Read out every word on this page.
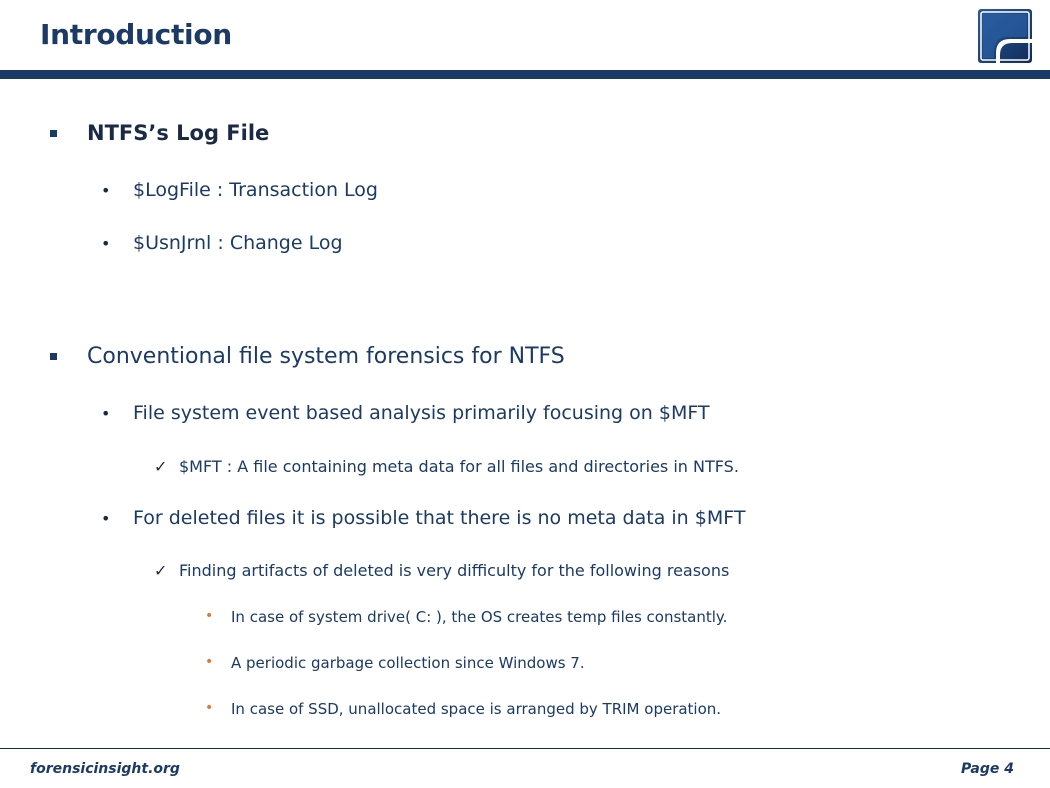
Introduction
NTFS’s Log File
• $LogFile : Transaction Log
• $UsnJrnl : Change Log
Conventional file system forensics for NTFS
• File system event based analysis primarily focusing on $MFT
✓ $MFT : A file containing meta data for all files and directories in NTFS.
• For deleted files it is possible that there is no meta data in $MFT
✓ Finding artifacts of deleted is very difficulty for the following reasons
• In case of system drive( C: ), the OS creates temp files constantly.
• A periodic garbage collection since Windows 7.
• In case of SSD, unallocated space is arranged by TRIM operation.
forensicinsight.org	Page 4
